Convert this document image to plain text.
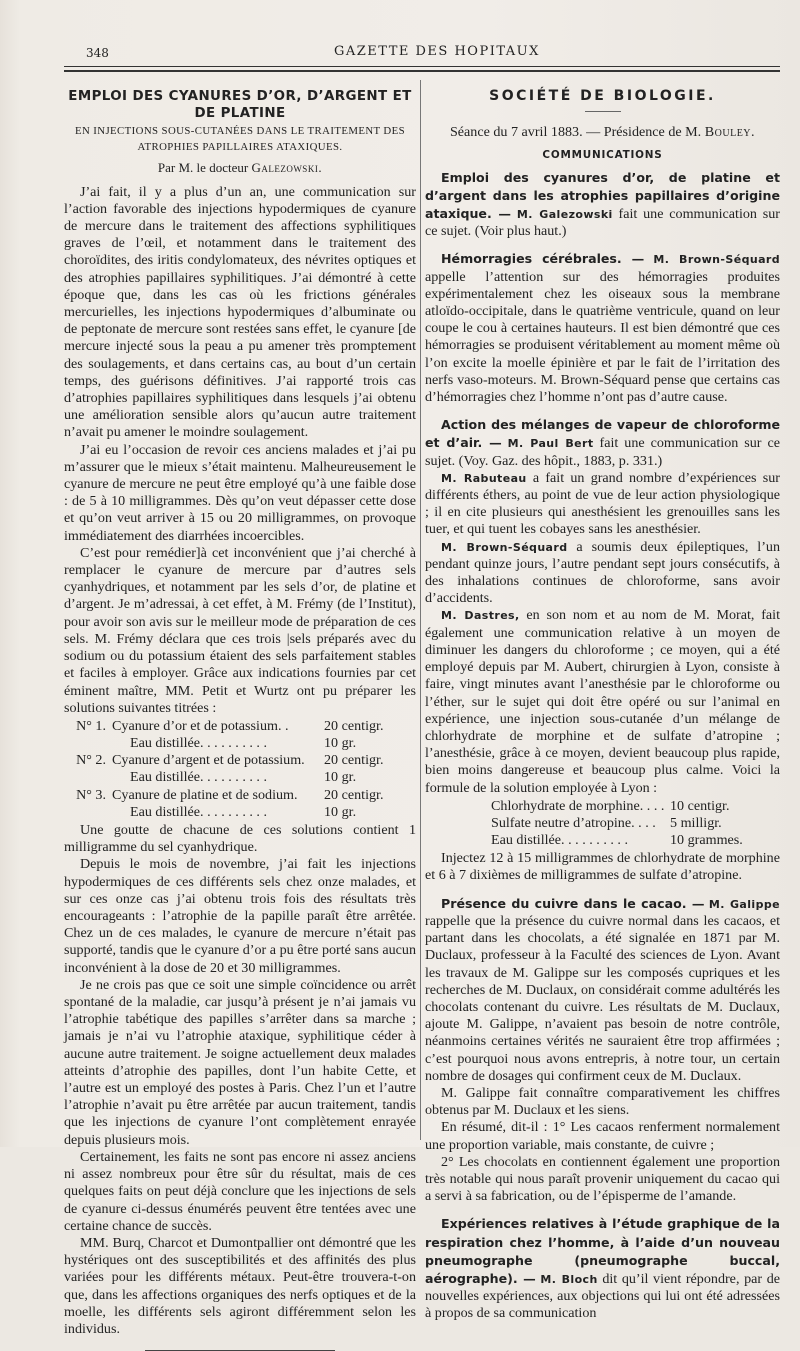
348	GAZETTE DES HOPITAUX
EMPLOI DES CYANURES D’OR, D’ARGENT ET DE PLATINE
EN INJECTIONS SOUS-CUTANÉES DANS LE TRAITEMENT DES ATROPHIES PAPILLAIRES ATAXIQUES.
Par M. le docteur Galezowski.

J’ai fait, il y a plus d’un an, une communication sur l’action favorable des injections hypodermiques de cyanure de mercure dans le traitement des affections syphilitiques graves de l’œil, et notamment dans le traitement des choroïdites, des iritis condylomateux, des névrites optiques et des atrophies papillaires syphilitiques. J’ai démontré à cette époque que, dans les cas où les frictions générales mercurielles, les injections hypodermiques d’albuminate ou de peptonate de mercure sont restées sans effet, le cyanure [de mercure injecté sous la peau a pu amener très promptement des soulagements, et dans certains cas, au bout d’un certain temps, des guérisons définitives. J’ai rapporté trois cas d’atrophies papillaires syphilitiques dans lesquels j’ai obtenu une amélioration sensible alors qu’aucun autre traitement n’avait pu amener le moindre soulagement.

J’ai eu l’occasion de revoir ces anciens malades et j’ai pu m’assurer que le mieux s’était maintenu. Malheureusement le cyanure de mercure ne peut être employé qu’à une faible dose : de 5 à 10 milligrammes. Dès qu’on veut dépasser cette dose et qu’on veut arriver à 15 ou 20 milligrammes, on provoque immédiatement des diarrhées incoercibles.

C’est pour remédier]à cet inconvénient que j’ai cherché à remplacer le cyanure de mercure par d’autres sels cyanhydriques, et notamment par les sels d’or, de platine et d’argent. Je m’adressai, à cet effet, à M. Frémy (de l’Institut), pour avoir son avis sur le meilleur mode de préparation de ces sels. M. Frémy déclara que ces trois |sels préparés avec du sodium ou du potassium étaient des sels parfaitement stables et faciles à employer. Grâce aux indications fournies par cet éminent maître, MM. Petit et Wurtz ont pu préparer les solutions suivantes titrées :

N° 1. Cyanure d’or et de potassium. .	20 centigr.
Eau distillée. . . . . . . . . .	10 gr.
N° 2. Cyanure d’argent et de potassium.	20 centigr.
Eau distillée. . . . . . . . . .	10 gr.
N° 3. Cyanure de platine et de sodium.	20 centigr.
Eau distillée. . . . . . . . . .	10 gr.

Une goutte de chacune de ces solutions contient 1 milligramme du sel cyanhydrique.

Depuis le mois de novembre, j’ai fait les injections hypodermiques de ces différents sels chez onze malades, et sur ces onze cas j’ai obtenu trois fois des résultats très encourageants : l’atrophie de la papille paraît être arrêtée. Chez un de ces malades, le cyanure de mercure n’était pas supporté, tandis que le cyanure d’or a pu être porté sans aucun inconvénient à la dose de 20 et 30 milligrammes.

Je ne crois pas que ce soit une simple coïncidence ou arrêt spontané de la maladie, car jusqu’à présent je n’ai jamais vu l’atrophie tabétique des papilles s’arrêter dans sa marche ; jamais je n’ai vu l’atrophie ataxique, syphilitique céder à aucune autre traitement. Je soigne actuellement deux malades atteints d’atrophie des papilles, dont l’un habite Cette, et l’autre est un employé des postes à Paris. Chez l’un et l’autre l’atrophie n’avait pu être arrêtée par aucun traitement, tandis que les injections de cyanure l’ont complètement enrayée depuis plusieurs mois.

Certainement, les faits ne sont pas encore ni assez anciens ni assez nombreux pour être sûr du résultat, mais de ces quelques faits on peut déjà conclure que les injections de sels de cyanure ci-dessus énumérés peuvent être tentées avec une certaine chance de succès.

MM. Burq, Charcot et Dumontpallier ont démontré que les hystériques ont des susceptibilités et des affinités des plus variées pour les différents métaux. Peut-être trouvera-t-on que, dans les affections organiques des nerfs optiques et de la moelle, les différents sels agiront différemment selon les individus.

SOCIÉTÉ DE BIOLOGIE.
Séance du 7 avril 1883. — Présidence de M. Bouley.
COMMUNICATIONS

Emploi des cyanures d’or, de platine et d’argent dans les atrophies papillaires d’origine ataxique. — M. Galezowski fait une communication sur ce sujet. (Voir plus haut.)

Hémorragies cérébrales. — M. Brown-Séquard appelle l’attention sur des hémorragies produites expérimentalement chez les oiseaux sous la membrane atloïdo-occipitale, dans le quatrième ventricule, quand on leur coupe le cou à certaines hauteurs. Il est bien démontré que ces hémorragies se produisent véritablement au moment même où l’on excite la moelle épinière et par le fait de l’irritation des nerfs vaso-moteurs. M. Brown-Séquard pense que certains cas d’hémorragies chez l’homme n’ont pas d’autre cause.

Action des mélanges de vapeur de chloroforme et d’air. — M. Paul Bert fait une communication sur ce sujet. (Voy. Gaz. des hôpit., 1883, p. 331.)

M. Rabuteau a fait un grand nombre d’expériences sur différents éthers, au point de vue de leur action physiologique ; il en cite plusieurs qui anesthésient les grenouilles sans les tuer, et qui tuent les cobayes sans les anesthésier.

M. Brown-Séquard a soumis deux épileptiques, l’un pendant quinze jours, l’autre pendant sept jours consécutifs, à des inhalations continues de chloroforme, sans avoir d’accidents.

M. Dastres, en son nom et au nom de M. Morat, fait également une communication relative à un moyen de diminuer les dangers du chloroforme ; ce moyen, qui a été employé depuis par M. Aubert, chirurgien à Lyon, consiste à faire, vingt minutes avant l’anesthésie par le chloroforme ou l’éther, sur le sujet qui doit être opéré ou sur l’animal en expérience, une injection sous-cutanée d’un mélange de chlorhydrate de morphine et de sulfate d’atropine ; l’anesthésie, grâce à ce moyen, devient beaucoup plus rapide, bien moins dangereuse et beaucoup plus calme. Voici la formule de la solution employée à Lyon :

Chlorhydrate de morphine. . . . 10 centigr.
Sulfate neutre d’atropine. . . .	5 milligr.
Eau distillée. . . . . . . . . .	10 grammes.

Injectez 12 à 15 milligrammes de chlorhydrate de morphine et 6 à 7 dixièmes de milligrammes de sulfate d’atropine.

Présence du cuivre dans le cacao. — M. Galippe rappelle que la présence du cuivre normal dans les cacaos, et partant dans les chocolats, a été signalée en 1871 par M. Duclaux, professeur à la Faculté des sciences de Lyon. Avant les travaux de M. Galippe sur les composés cupriques et les recherches de M. Duclaux, on considérait comme adultérés les chocolats contenant du cuivre. Les résultats de M. Duclaux, ajoute M. Galippe, n’avaient pas besoin de notre contrôle, néanmoins certaines vérités ne sauraient être trop affirmées ; c’est pourquoi nous avons entrepris, à notre tour, un certain nombre de dosages qui confirment ceux de M. Duclaux.

M. Galippe fait connaître comparativement les chiffres obtenus par M. Duclaux et les siens.

En résumé, dit-il : 1° Les cacaos renferment normalement une proportion variable, mais constante, de cuivre ;

2° Les chocolats en contiennent également une proportion très notable qui nous paraît provenir uniquement du cacao qui a servi à sa fabrication, ou de l’épisperme de l’amande.

Expériences relatives à l’étude graphique de la respiration chez l’homme, à l’aide d’un nouveau pneumographe (pneumographe buccal, aérographe). — M. Bloch dit qu’il vient répondre, par de nouvelles expériences, aux objections qui lui ont été adressées à propos de sa communication
